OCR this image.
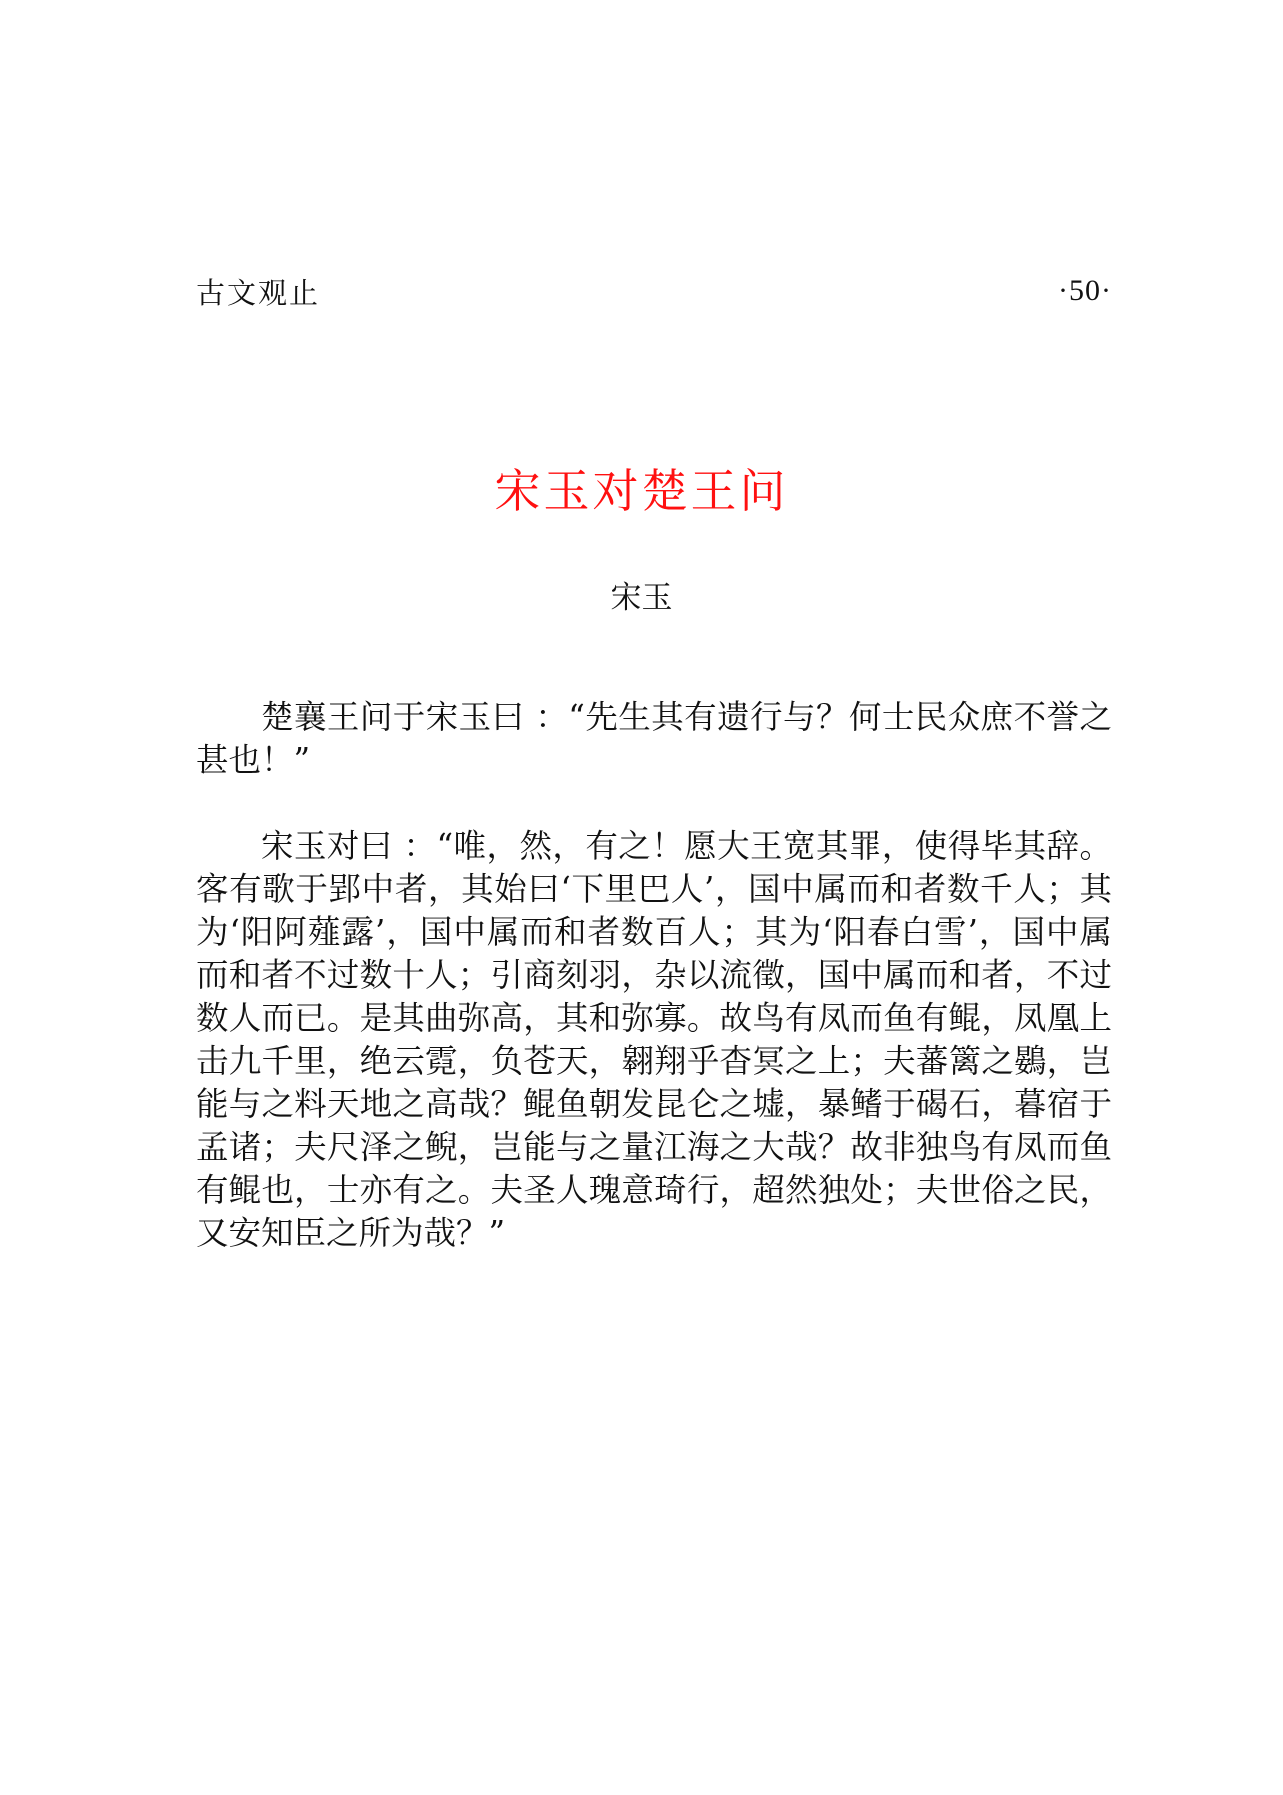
古文观止	·50·
宋玉对楚王问
宋玉

楚襄王问于宋玉曰 ：“先生其有遗行与？何士民众庶不誉之甚也！”

宋玉对曰 ：“唯，然，有之！愿大王宽其罪，使得毕其辞。客有歌于郢中者，其始曰‘下里巴人’，国中属而和者数千人；其为‘阳阿薤露’，国中属而和者数百人；其为‘阳春白雪’，国中属而和者不过数十人；引商刻羽，杂以流徵，国中属而和者，不过数人而已。是其曲弥高，其和弥寡。故鸟有凤而鱼有鲲，凤凰上击九千里，绝云霓，负苍天，翱翔乎杳冥之上；夫蕃篱之鷃，岂能与之料天地之高哉？鲲鱼朝发昆仑之墟，暴鳍于碣石，暮宿于孟诸；夫尺泽之鲵，岂能与之量江海之大哉？故非独鸟有凤而鱼有鲲也，士亦有之。夫圣人瑰意琦行，超然独处；夫世俗之民，又安知臣之所为哉？”
